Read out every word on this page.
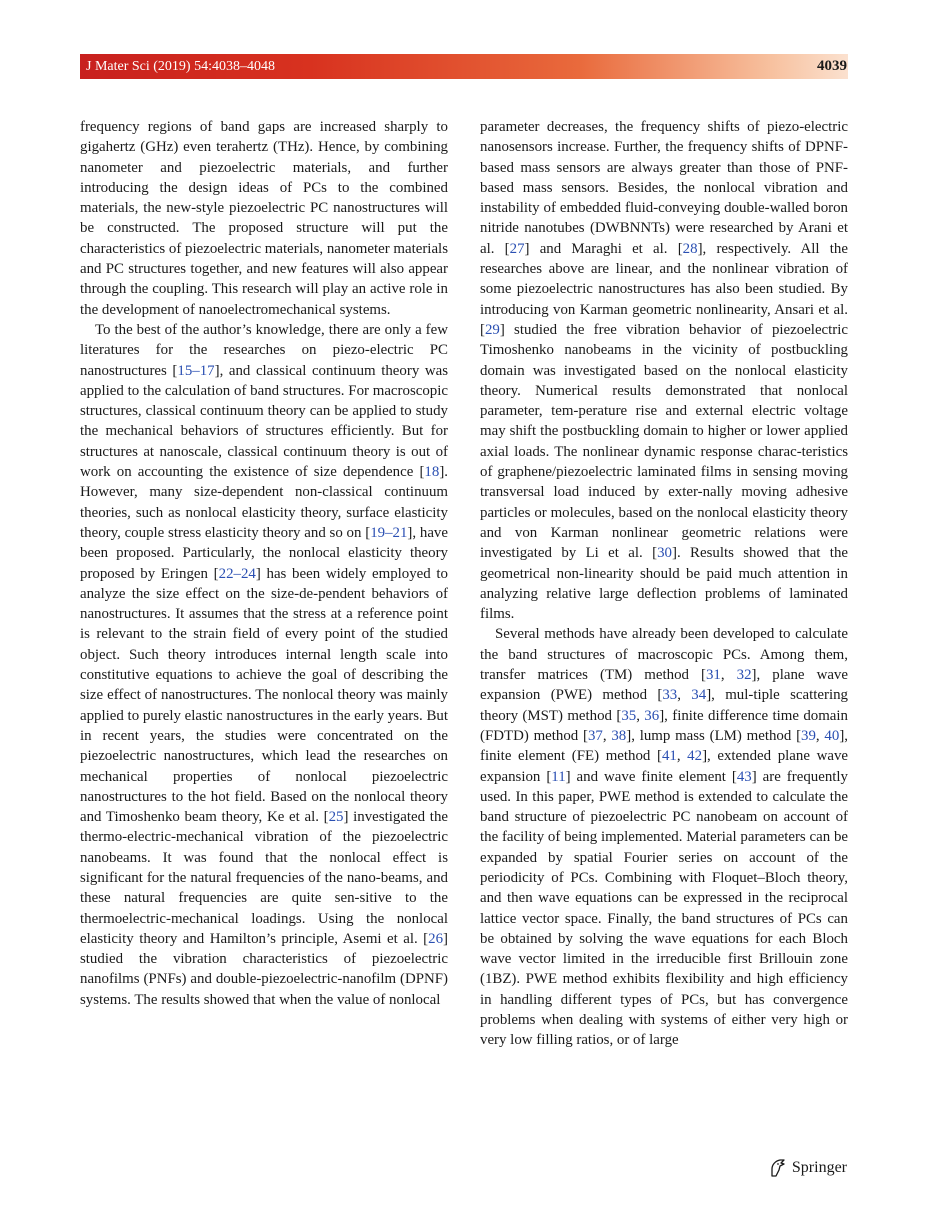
J Mater Sci (2019) 54:4038–4048	4039

frequency regions of band gaps are increased sharply to gigahertz (GHz) even terahertz (THz). Hence, by combining nanometer and piezoelectric materials, and further introducing the design ideas of PCs to the combined materials, the new-style piezoelectric PC nanostructures will be constructed. The proposed structure will put the characteristics of piezoelectric materials, nanometer materials and PC structures together, and new features will also appear through the coupling. This research will play an active role in the development of nanoelectromechanical systems.

To the best of the author’s knowledge, there are only a few literatures for the researches on piezo-electric PC nanostructures [15–17], and classical continuum theory was applied to the calculation of band structures. For macroscopic structures, classical continuum theory can be applied to study the mechanical behaviors of structures efficiently. But for structures at nanoscale, classical continuum theory is out of work on accounting the existence of size dependence [18]. However, many size-dependent non-classical continuum theories, such as nonlocal elasticity theory, surface elasticity theory, couple stress elasticity theory and so on [19–21], have been proposed. Particularly, the nonlocal elasticity theory proposed by Eringen [22–24] has been widely employed to analyze the size effect on the size-de-pendent behaviors of nanostructures. It assumes that the stress at a reference point is relevant to the strain field of every point of the studied object. Such theory introduces internal length scale into constitutive equations to achieve the goal of describing the size effect of nanostructures. The nonlocal theory was mainly applied to purely elastic nanostructures in the early years. But in recent years, the studies were concentrated on the piezoelectric nanostructures, which lead the researches on mechanical properties of nonlocal piezoelectric nanostructures to the hot field. Based on the nonlocal theory and Timoshenko beam theory, Ke et al. [25] investigated the thermo-electric-mechanical vibration of the piezoelectric nanobeams. It was found that the nonlocal effect is significant for the natural frequencies of the nano-beams, and these natural frequencies are quite sen-sitive to the thermoelectric-mechanical loadings. Using the nonlocal elasticity theory and Hamilton’s principle, Asemi et al. [26] studied the vibration characteristics of piezoelectric nanofilms (PNFs) and double-piezoelectric-nanofilm (DPNF) systems. The results showed that when the value of nonlocal

parameter decreases, the frequency shifts of piezo-electric nanosensors increase. Further, the frequency shifts of DPNF-based mass sensors are always greater than those of PNF-based mass sensors. Besides, the nonlocal vibration and instability of embedded fluid-conveying double-walled boron nitride nanotubes (DWBNNTs) were researched by Arani et al. [27] and Maraghi et al. [28], respectively. All the researches above are linear, and the nonlinear vibration of some piezoelectric nanostructures has also been studied. By introducing von Karman geometric nonlinearity, Ansari et al. [29] studied the free vibration behavior of piezoelectric Timoshenko nanobeams in the vicinity of postbuckling domain was investigated based on the nonlocal elasticity theory. Numerical results demonstrated that nonlocal parameter, tem-perature rise and external electric voltage may shift the postbuckling domain to higher or lower applied axial loads. The nonlinear dynamic response charac-teristics of graphene/piezoelectric laminated films in sensing moving transversal load induced by exter-nally moving adhesive particles or molecules, based on the nonlocal elasticity theory and von Karman nonlinear geometric relations were investigated by Li et al. [30]. Results showed that the geometrical non-linearity should be paid much attention in analyzing relative large deflection problems of laminated films.

Several methods have already been developed to calculate the band structures of macroscopic PCs. Among them, transfer matrices (TM) method [31, 32], plane wave expansion (PWE) method [33, 34], mul-tiple scattering theory (MST) method [35, 36], finite difference time domain (FDTD) method [37, 38], lump mass (LM) method [39, 40], finite element (FE) method [41, 42], extended plane wave expansion [11] and wave finite element [43] are frequently used. In this paper, PWE method is extended to calculate the band structure of piezoelectric PC nanobeam on account of the facility of being implemented. Material parameters can be expanded by spatial Fourier series on account of the periodicity of PCs. Combining with Floquet–Bloch theory, and then wave equations can be expressed in the reciprocal lattice vector space. Finally, the band structures of PCs can be obtained by solving the wave equations for each Bloch wave vector limited in the irreducible first Brillouin zone (1BZ). PWE method exhibits flexibility and high efficiency in handling different types of PCs, but has convergence problems when dealing with systems of either very high or very low filling ratios, or of large

Springer
